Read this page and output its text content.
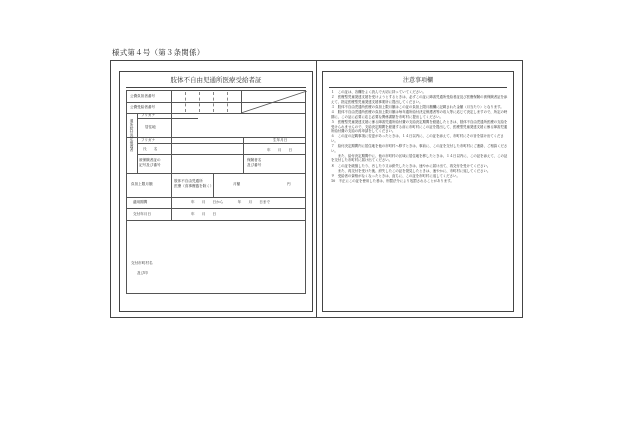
様式第４号（第３条関係）
肢体不自由児通所医療受給者証
公費負担者番号
公費受給者番号
通所給付決定保護者
フリガナ
居住地
フリガナ	生年月日
氏　　名	年　　月　　日
被保険者証の
記号及び番号
保険者名
及び番号
負担上限月額
肢体不自由児通所
医療（食事療養を除く）	月額	円
適用期間	年　　月　　日から　　　　年　　月　　日まで
交付年月日	年　　月　　日
交付市町村名
及び印
注意事項欄
１　この証は、各欄をよく読んで大切に持っていてください。
２　医療型児童発達支援を受けようとするときは、必ずこの証に障害児通所受給者証及び医療保険の被保険者証を添えて、指定医療型児童発達支援事業所に提出してください。
３　肢体不自由児通所医療の負担上限月額はこの証の負担上限月額欄に記載された金額（月当たり）となります。
４　肢体不自由児通所医療の負担上限月額は毎年通所給付決定保護者等の収入等に応じて決定しますので、所定の時期に、この証に必要に応じ必要な関係書類を市町村に提出してください。
５　医療型児童発達支援に係る障害児通所給付費の支給決定期間を経過したときは、肢体不自由児通所医療の支給を受けられませんので、支給決定期間を経過する前に市町村にこの証を提出して、医療型児童発達支援に係る障害児通所給付費の支給の再申請をしてください。
６　この証の記載事項に変更があったときは、１４日以内に、この証を添えて、市町村にその旨を届け出てください。
７　給付決定期間内に居住地を他の市町村へ移すときは、事前に、この証を交付した市町村にご連絡、ご相談ください。
　　また、給付決定期間中に、他の市町村の区域に居住地を移したときは、１４日以内に、この証を添えて、この証を交付した市町村に届け出てください。
８　この証を破損したり、汚したり又は紛失したときは、速やかに届け出て、再交付を受けてください。
　　また、再交付を受けた後、紛失したこの証を発見したときは、速やかに、市町村に返してください。
９　受給者の資格がなくなったときは、直ちに、この証を市町村に返してください。
10　不正にこの証を使用した者は、刑罰法令により処罰されることがあります。
